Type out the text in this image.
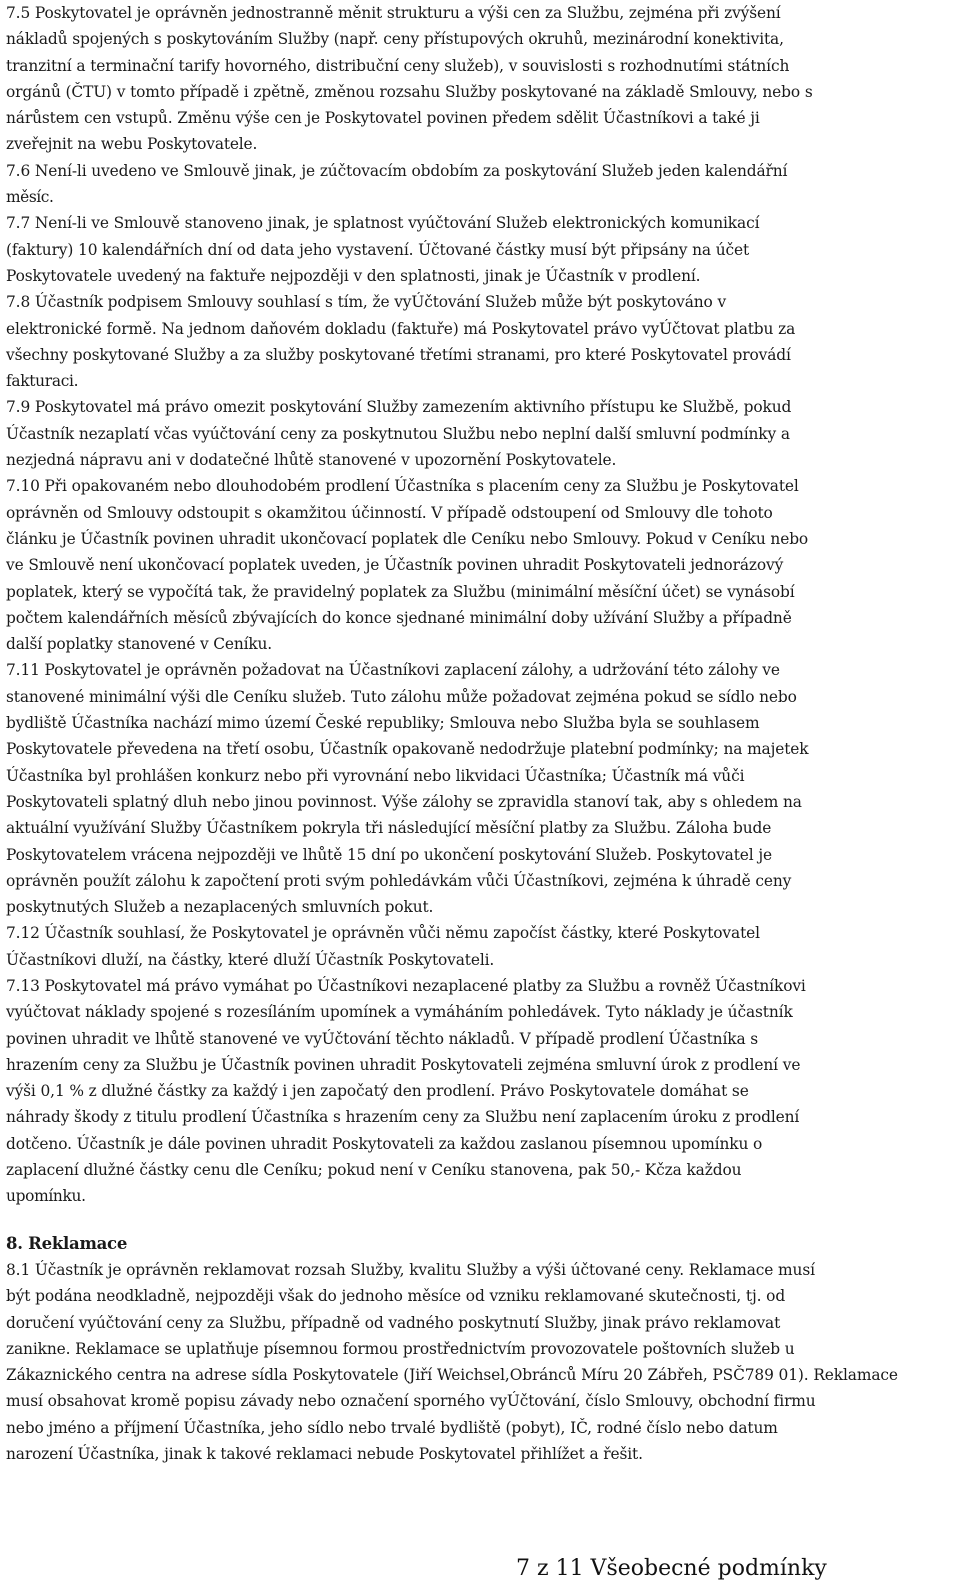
7.5 Poskytovatel je oprávněn jednostranně měnit strukturu a výši cen za Službu, zejména při zvýšení
nákladů spojených s poskytováním Služby (např. ceny přístupových okruhů, mezinárodní konektivita,
tranzitní a terminační tarify hovorného, distribuční ceny služeb), v souvislosti s rozhodnutími státních
orgánů (ČTU) v tomto případě i zpětně, změnou rozsahu Služby poskytované na základě Smlouvy, nebo s
nárůstem cen vstupů. Změnu výše cen je Poskytovatel povinen předem sdělit Účastníkovi a také ji
zveřejnit na webu Poskytovatele.
7.6 Není-li uvedeno ve Smlouvě jinak, je zúčtovacím obdobím za poskytování Služeb jeden kalendářní
měsíc.
7.7 Není-li ve Smlouvě stanoveno jinak, je splatnost vyúčtování Služeb elektronických komunikací
(faktury) 10 kalendářních dní od data jeho vystavení. Účtované částky musí být připsány na účet
Poskytovatele uvedený na faktuře nejpozději v den splatnosti, jinak je Účastník v prodlení.
7.8 Účastník podpisem Smlouvy souhlasí s tím, že vyÚčtování Služeb může být poskytováno v
elektronické formě. Na jednom daňovém dokladu (faktuře) má Poskytovatel právo vyÚčtovat platbu za
všechny poskytované Služby a za služby poskytované třetími stranami, pro které Poskytovatel provádí
fakturaci.
7.9 Poskytovatel má právo omezit poskytování Služby zamezením aktivního přístupu ke Službě, pokud
Účastník nezaplatí včas vyúčtování ceny za poskytnutou Službu nebo neplní další smluvní podmínky a
nezjedná nápravu ani v dodatečné lhůtě stanovené v upozornění Poskytovatele.
7.10 Při opakovaném nebo dlouhodobém prodlení Účastníka s placením ceny za Službu je Poskytovatel
oprávněn od Smlouvy odstoupit s okamžitou účinností. V případě odstoupení od Smlouvy dle tohoto
článku je Účastník povinen uhradit ukončovací poplatek dle Ceníku nebo Smlouvy. Pokud v Ceníku nebo
ve Smlouvě není ukončovací poplatek uveden, je Účastník povinen uhradit Poskytovateli jednorázový
poplatek, který se vypočítá tak, že pravidelný poplatek za Službu (minimální měsíční účet) se vynásobí
počtem kalendářních měsíců zbývajících do konce sjednané minimální doby užívání Služby a případně
další poplatky stanovené v Ceníku.
7.11 Poskytovatel je oprávněn požadovat na Účastníkovi zaplacení zálohy, a udržování této zálohy ve
stanovené minimální výši dle Ceníku služeb. Tuto zálohu může požadovat zejména pokud se sídlo nebo
bydliště Účastníka nachází mimo území České republiky; Smlouva nebo Služba byla se souhlasem
Poskytovatele převedena na třetí osobu, Účastník opakovaně nedodržuje platební podmínky; na majetek
Účastníka byl prohlášen konkurz nebo při vyrovnání nebo likvidaci Účastníka; Účastník má vůči
Poskytovateli splatný dluh nebo jinou povinnost. Výše zálohy se zpravidla stanoví tak, aby s ohledem na
aktuální využívání Služby Účastníkem pokryla tři následující měsíční platby za Službu. Záloha bude
Poskytovatelem vrácena nejpozději ve lhůtě 15 dní po ukončení poskytování Služeb. Poskytovatel je
oprávněn použít zálohu k započtení proti svým pohledávkám vůči Účastníkovi, zejména k úhradě ceny
poskytnutých Služeb a nezaplacených smluvních pokut.
7.12 Účastník souhlasí, že Poskytovatel je oprávněn vůči němu započíst částky, které Poskytovatel
Účastníkovi dluží, na částky, které dluží Účastník Poskytovateli.
7.13 Poskytovatel má právo vymáhat po Účastníkovi nezaplacené platby za Službu a rovněž Účastníkovi
vyúčtovat náklady spojené s rozesíláním upomínek a vymáháním pohledávek. Tyto náklady je účastník
povinen uhradit ve lhůtě stanovené ve vyÚčtování těchto nákladů. V případě prodlení Účastníka s
hrazením ceny za Službu je Účastník povinen uhradit Poskytovateli zejména smluvní úrok z prodlení ve
výši 0,1 % z dlužné částky za každý i jen započatý den prodlení. Právo Poskytovatele domáhat se
náhrady škody z titulu prodlení Účastníka s hrazením ceny za Službu není zaplacením úroku z prodlení
dotčeno. Účastník je dále povinen uhradit Poskytovateli za každou zaslanou písemnou upomínku o
zaplacení dlužné částky cenu dle Ceníku; pokud není v Ceníku stanovena, pak 50,- Kčza každou
upomínku.
8. Reklamace
8.1 Účastník je oprávněn reklamovat rozsah Služby, kvalitu Služby a výši účtované ceny. Reklamace musí
být podána neodkladně, nejpozději však do jednoho měsíce od vzniku reklamované skutečnosti, tj. od
doručení vyúčtování ceny za Službu, případně od vadného poskytnutí Služby, jinak právo reklamovat
zanikne. Reklamace se uplatňuje písemnou formou prostřednictvím provozovatele poštovních služeb u
Zákaznického centra na adrese sídla Poskytovatele (Jiří Weichsel,Obránců Míru 20 Zábřeh, PSČ789 01). Reklamace
musí obsahovat kromě popisu závady nebo označení sporného vyÚčtování, číslo Smlouvy, obchodní firmu
nebo jméno a příjmení Účastníka, jeho sídlo nebo trvalé bydliště (pobyt), IČ, rodné číslo nebo datum
narození Účastníka, jinak k takové reklamaci nebude Poskytovatel přihlížet a řešit.
7 z 11 Všeobecné podmínky
